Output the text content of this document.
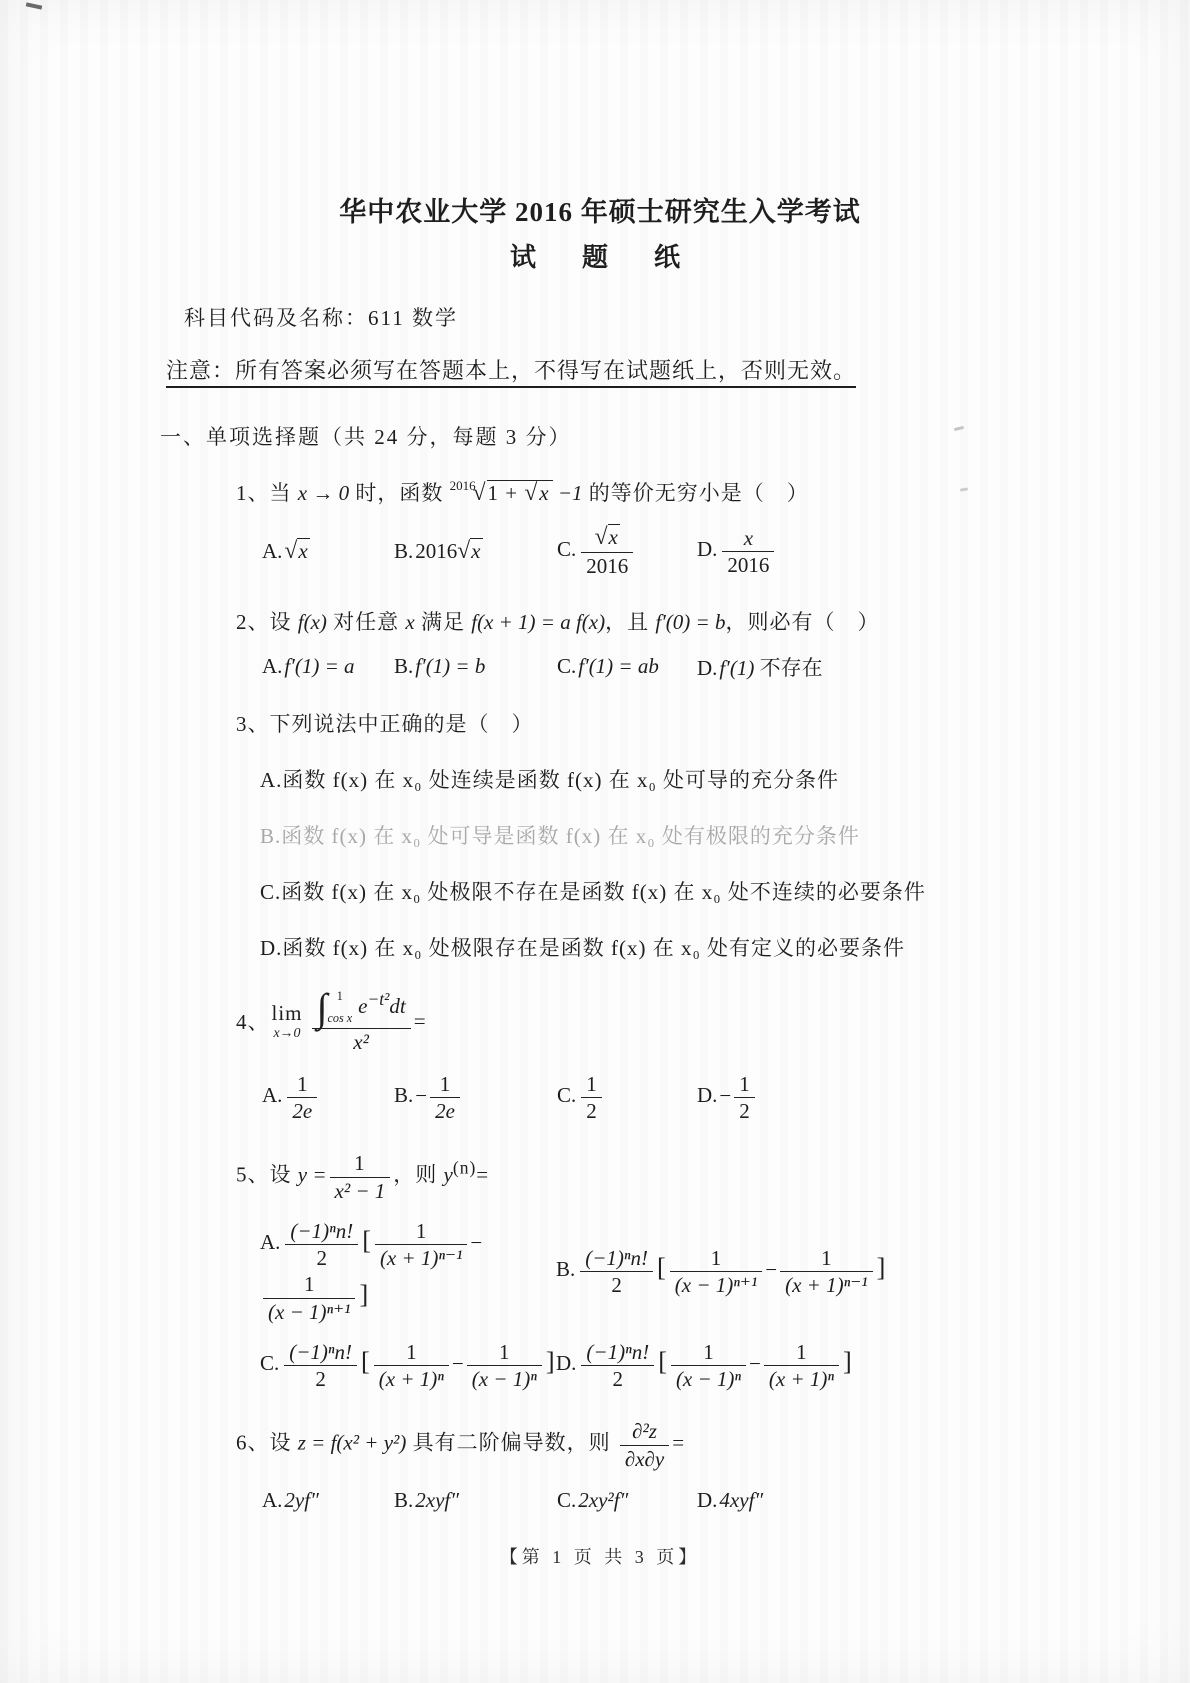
华中农业大学 2016 年硕士研究生入学考试
试　题　纸
科目代码及名称：611 数学
注意：所有答案必须写在答题本上，不得写在试题纸上，否则无效。
一、单项选择题（共 24 分，每题 3 分）
1、当 x → 0 时，函数 $^{2016}$√1 + √x −1 的等价无穷小是（　）
A.√x	B.2016√x	C. $\frac{√x}{2016}$	D. $\frac{x}{2016}$
2、设 f(x) 对任意 x 满足 f(x + 1) = a f(x)，且 f′(0) = b，则必有（　）
A.f′(1) = a	B.f′(1) = b	C.f′(1) = ab	D.f′(1) 不存在
3、下列说法中正确的是（　）
A.函数 f(x) 在 x₀ 处连续是函数 f(x) 在 x₀ 处可导的充分条件
B.函数 f(x) 在 x₀ 处可导是函数 f(x) 在 x₀ 处有极限的充分条件
C.函数 f(x) 在 x₀ 处极限不存在是函数 f(x) 在 x₀ 处不连续的必要条件
D.函数 f(x) 在 x₀ 处极限存在是函数 f(x) 在 x₀ 处有定义的必要条件
4、 lim
x→0 ∫ 1
cos x
$e^{-t^2}dt$
x² =
A. $\frac{1}{2e}$	$B.- \frac{1}{2e}$	C. $\frac{1}{2}$	$D.- \frac{1}{2}$
5、设 $y = \frac{1}{\text{x² − 1}}$ ，则 $y^{(n)}=$
A. $\frac{\text{(−1)ⁿn!}}{2}$ [ $\frac{1}{\text{(x + 1)ⁿ⁻¹}}$ −
$\frac{1}{\text{(x − 1)ⁿ⁺¹}}$ ]
B. $\frac{\text{(−1)ⁿn!}}{2}$ [ $\frac{1}{\text{(x − 1)ⁿ⁺¹}} - \frac{1}{\text{(x + 1)ⁿ⁻¹}}$ ]
C. $\frac{\text{(−1)ⁿn!}}{2}$ [ $\frac{1}{\text{(x + 1)ⁿ}} - \frac{1}{\text{(x − 1)ⁿ}}$ ] D. $\frac{\text{(−1)ⁿn!}}{2}$ [ $\frac{1}{\text{(x − 1)ⁿ}} - \frac{1}{\text{(x + 1)ⁿ}}$ ]
6、设 z = f(x² + y²) 具有二阶偏导数，则 $\frac{\text{∂²z}}{\partial x\partial y}$ =
A.2yf″	B.2xyf″	C.2xy²f″	D.4xyf″
【第 1 页 共 3 页】
